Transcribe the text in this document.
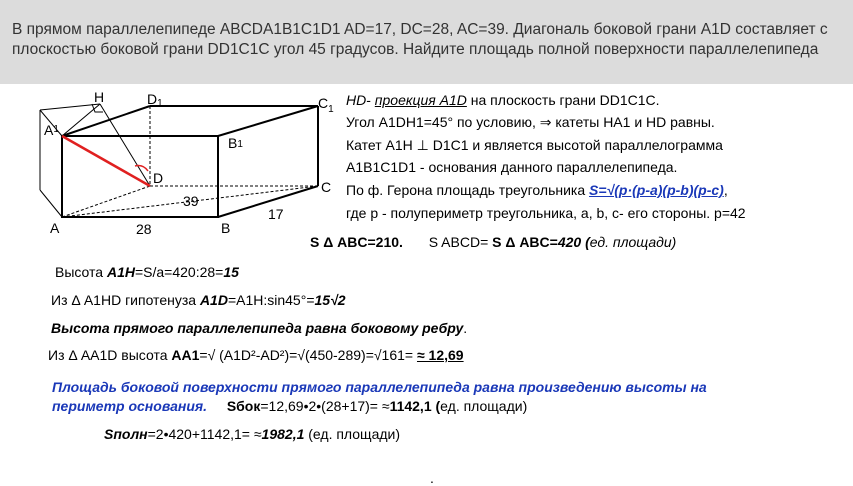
В прямом параллелепипеде ABCDA1B1C1D1 AD=17, DC=28, AC=39. Диагональ боковой грани A1D составляет с плоскостью боковой грани DD1C1C угол 45 градусов. Найдите площадь полной поверхности параллелепипеда

H	D1	$C_1$
$A^1$
B1
D
C
A	B
39
17
28
HD- проекция A1D на плоскость грани DD1C1C.
Угол A1DH1=45° по условию, ⇒ катеты HA1 и HD равны.
Катет A1H ⊥ D1C1 и является высотой параллелограмма
A1B1C1D1 - основания данного параллелепипеда.
По ф. Герона площадь треугольника S=√(p·(p-a)(p-b)(p-c),
где р - полупериметр треугольника, a, b, c- его стороны. р=42
S Δ ABC=210. S ABCD= S Δ ABC=420 (ед. площади)
Высота A1H=S/a=420:28=15
Из Δ A1HD гипотенуза A1D=A1H:sin45°=15√2
Высота прямого параллелепипеда равна боковому ребру.
Из Δ AA1D высота AA1=√ (A1D²-AD²)=√(450-289)=√161= ≈ 12,69
Площадь боковой поверхности прямого параллелепипеда равна произведению высоты на
периметр основания. Sбок=12,69•2•(28+17)= ≈1142,1 (ед. площади)
Sполн=2•420+1142,1= ≈1982,1 (ед. площади)
.
